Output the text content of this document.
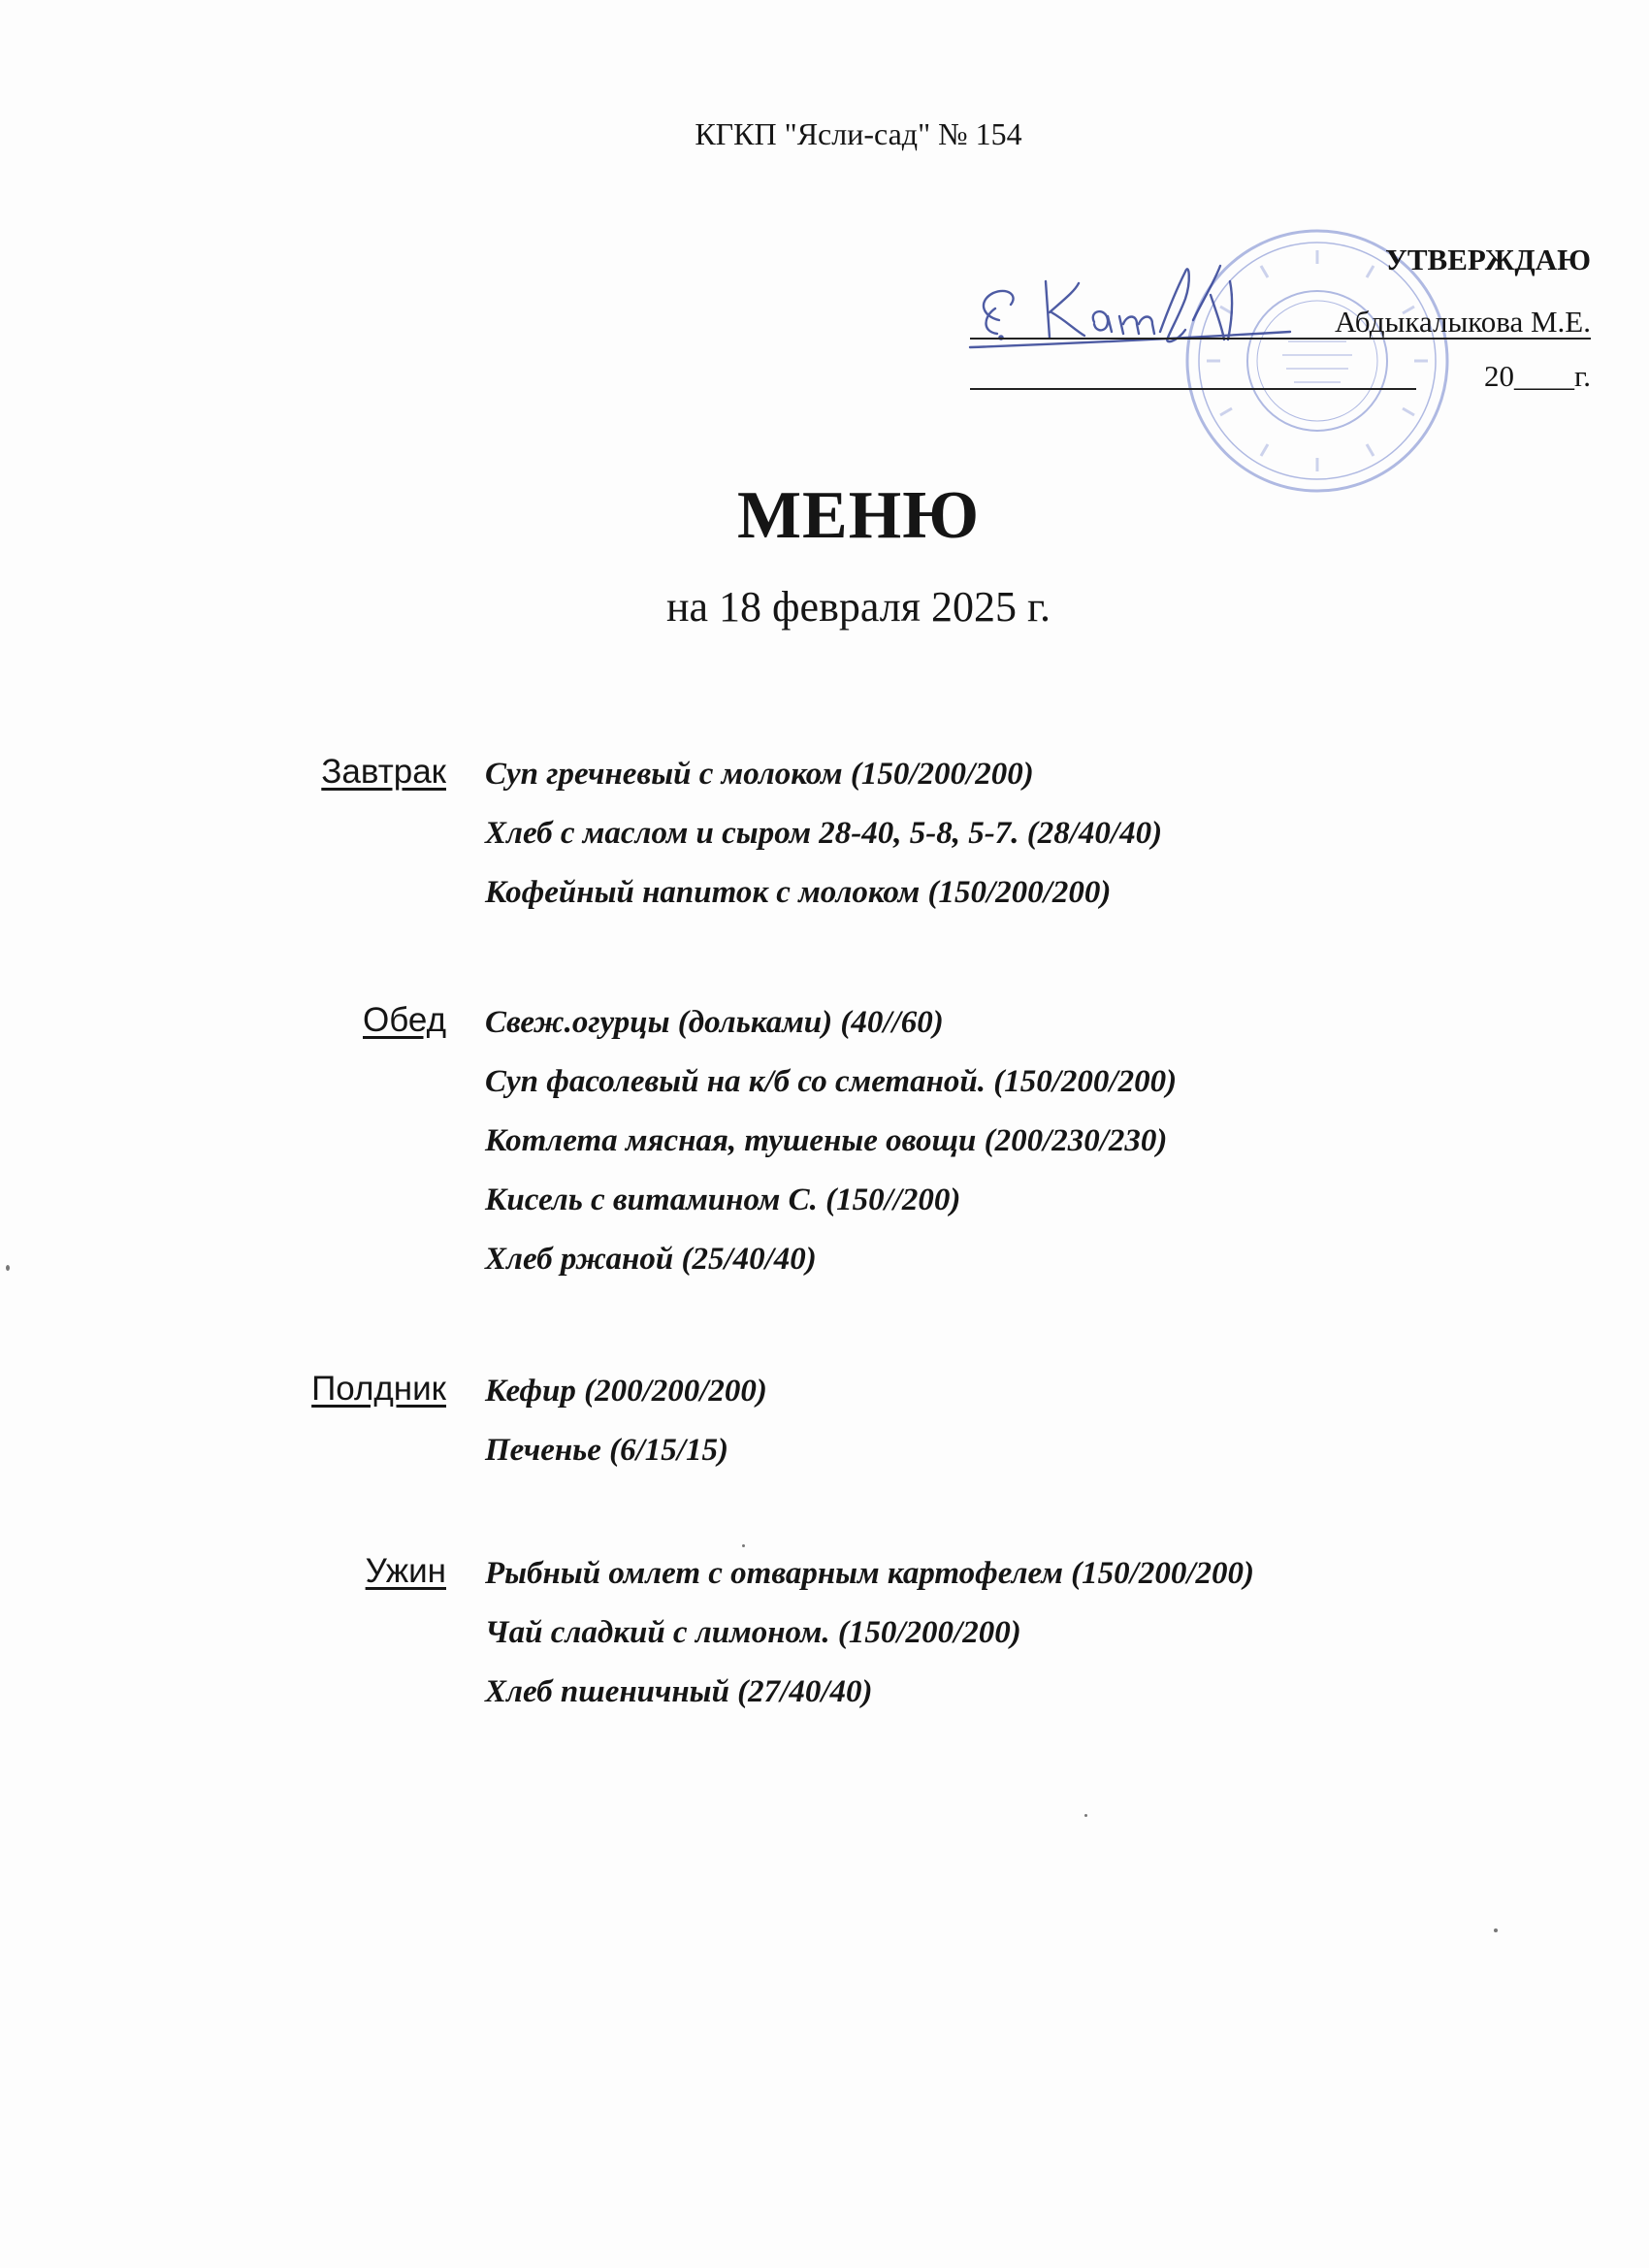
КГКП "Ясли-сад" № 154
УТВЕРЖДАЮ
Абдыкалыкова М.Е.
20____г.
МЕНЮ
на 18 февраля 2025 г.
Завтрак Суп гречневый с молоком (150/200/200)
Хлеб с маслом и сыром 28-40, 5-8, 5-7. (28/40/40)
Кофейный напиток с молоком (150/200/200)
Обед Свеж.огурцы (дольками) (40//60)
Суп фасолевый на к/б со сметаной. (150/200/200)
Котлета мясная, тушеные овощи (200/230/230)
Кисель с витамином С. (150//200)
Хлеб ржаной (25/40/40)
Полдник Кефир (200/200/200)
Печенье (6/15/15)
Ужин Рыбный омлет с отварным картофелем (150/200/200)
Чай сладкий с лимоном. (150/200/200)
Хлеб пшеничный (27/40/40)
